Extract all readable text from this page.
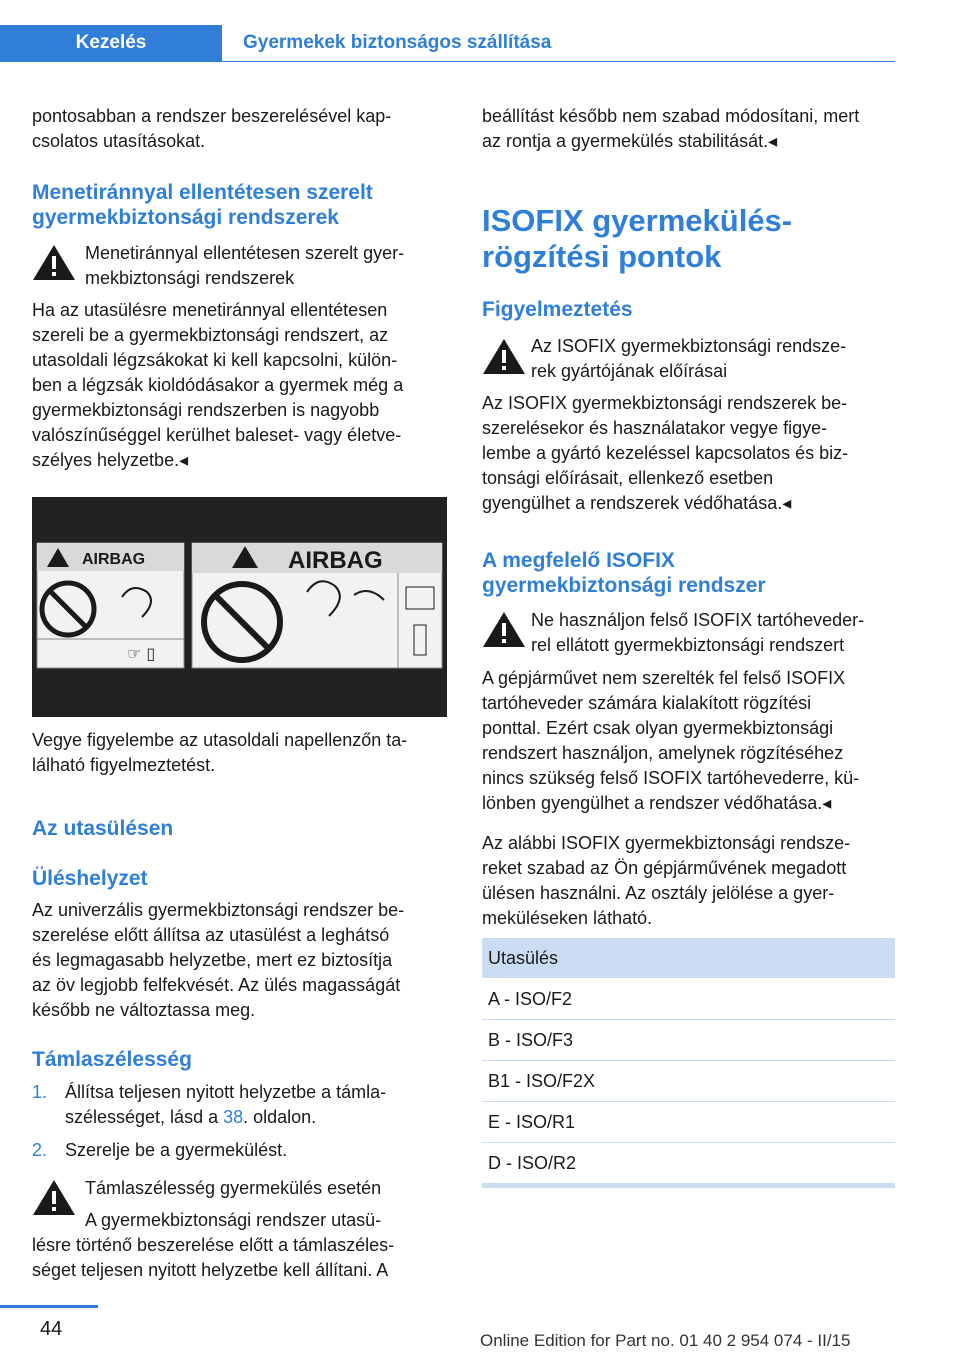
Kezelés	Gyermekek biztonságos szállítása
pontosabban a rendszer beszerelésével kap-
csolatos utasításokat.
Menetiránnyal ellentétesen szerelt
gyermekbiztonsági rendszerek
Menetiránnyal ellentétesen szerelt gyer-
mekbiztonsági rendszerek
Ha az utasülésre menetiránnyal ellentétesen
szereli be a gyermekbiztonsági rendszert, az
utasoldali légzsákokat ki kell kapcsolni, külön-
ben a légzsák kioldódásakor a gyermek még a
gyermekbiztonsági rendszerben is nagyobb
valószínűséggel kerülhet baleset- vagy életve-
szélyes helyzetbe.◂
AIRBAG
☞ ▯
AIRBAG
Vegye figyelembe az utasoldali napellenzőn ta-
lálható figyelmeztetést.
Az utasülésen
Üléshelyzet
Az univerzális gyermekbiztonsági rendszer be-
szerelése előtt állítsa az utasülést a leghátsó
és legmagasabb helyzetbe, mert ez biztosítja
az öv legjobb felfekvését. Az ülés magasságát
később ne változtassa meg.
Támlaszélesség
1. Állítsa teljesen nyitott helyzetbe a támla-
szélességet, lásd a 38. oldalon.
2. Szerelje be a gyermekülést.
Támlaszélesség gyermekülés esetén
A gyermekbiztonsági rendszer utasü-
lésre történő beszerelése előtt a támlaszéles-
séget teljesen nyitott helyzetbe kell állítani. A
beállítást később nem szabad módosítani, mert
az rontja a gyermekülés stabilitását.◂
ISOFIX gyermekülés-
rögzítési pontok
Figyelmeztetés
Az ISOFIX gyermekbiztonsági rendsze-
rek gyártójának előírásai
Az ISOFIX gyermekbiztonsági rendszerek be-
szerelésekor és használatakor vegye figye-
lembe a gyártó kezeléssel kapcsolatos és biz-
tonsági előírásait, ellenkező esetben
gyengülhet a rendszerek védőhatása.◂
A megfelelő ISOFIX
gyermekbiztonsági rendszer
Ne használjon felső ISOFIX tartóheveder-
rel ellátott gyermekbiztonsági rendszert
A gépjárművet nem szerelték fel felső ISOFIX
tartóheveder számára kialakított rögzítési
ponttal. Ezért csak olyan gyermekbiztonsági
rendszert használjon, amelynek rögzítéséhez
nincs szükség felső ISOFIX tartóhevederre, kü-
lönben gyengülhet a rendszer védőhatása.◂
Az alábbi ISOFIX gyermekbiztonsági rendsze-
reket szabad az Ön gépjárművének megadott
ülésen használni. Az osztály jelölése a gyer-
meküléseken látható.
Utasülés
A - ISO/F2
B - ISO/F3
B1 - ISO/F2X
E - ISO/R1
D - ISO/R2
44
Online Edition for Part no. 01 40 2 954 074 - II/15
